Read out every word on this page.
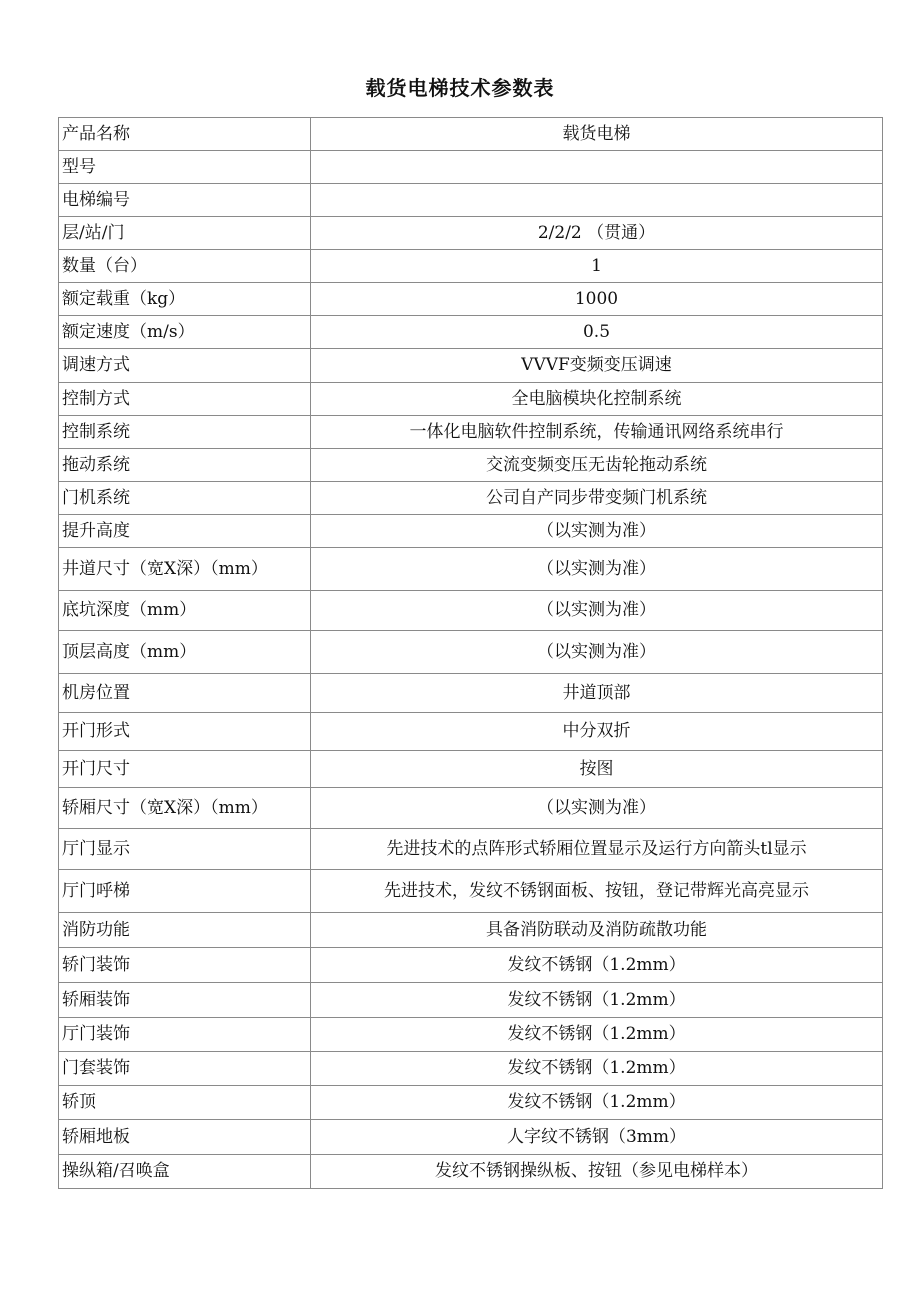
载货电梯技术参数表
产品名称	载货电梯
型号	
电梯编号	
层/站/门	2/2/2 （贯通）
数量（台）	1
额定载重（kg）	1000
额定速度（m/s）	0.5
调速方式	VVVF变频变压调速
控制方式	全电脑模块化控制系统
控制系统	一体化电脑软件控制系统，传输通讯网络系统串行
拖动系统	交流变频变压无齿轮拖动系统
门机系统	公司自产同步带变频门机系统
提升高度	（以实测为准）
井道尺寸（宽X深）（mm）	（以实测为准）
底坑深度（mm）	（以实测为准）
顶层高度（mm）	（以实测为准）
机房位置	井道顶部
开门形式	中分双折
开门尺寸	按图
轿厢尺寸（宽X深）（mm）	（以实测为准）
厅门显示	先进技术的点阵形式轿厢位置显示及运行方向箭头tl显示
厅门呼梯	先进技术，发纹不锈钢面板、按钮，登记带辉光高亮显示
消防功能	具备消防联动及消防疏散功能
轿门装饰	发纹不锈钢（1.2mm）
轿厢装饰	发纹不锈钢（1.2mm）
厅门装饰	发纹不锈钢（1.2mm）
门套装饰	发纹不锈钢（1.2mm）
轿顶	发纹不锈钢（1.2mm）
轿厢地板	人字纹不锈钢（3mm）
操纵箱/召唤盒	发纹不锈钢操纵板、按钮（参见电梯样本）
